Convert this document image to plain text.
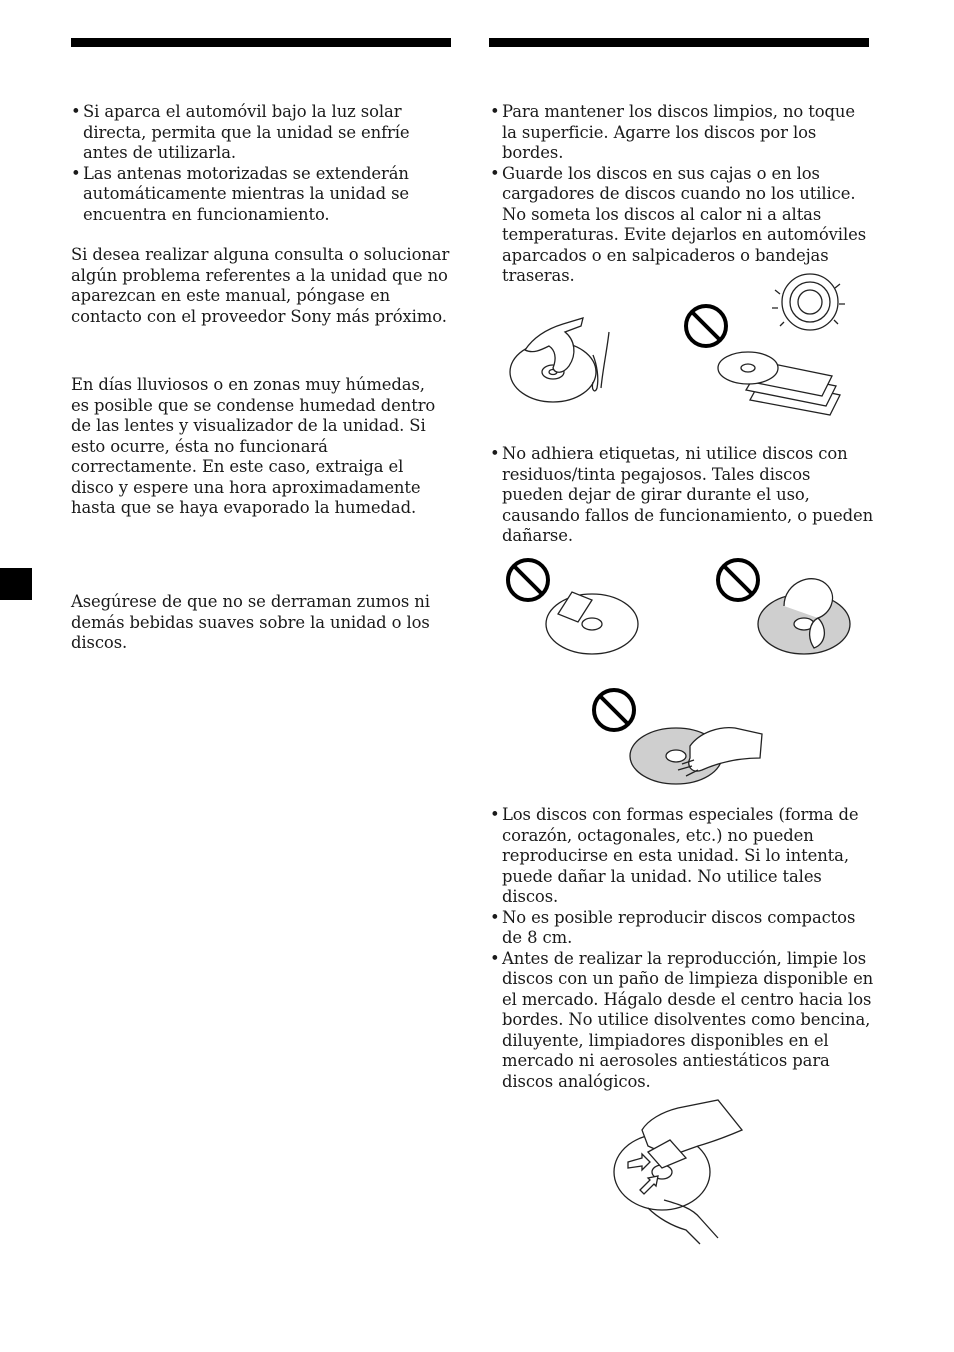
• Si aparca el automóvil bajo la luz solar directa, permita que la unidad se enfríe antes de utilizarla.
• Las antenas motorizadas se extenderán automáticamente mientras la unidad se encuentra en funcionamiento.

Si desea realizar alguna consulta o solucionar algún problema referentes a la unidad que no aparezcan en este manual, póngase en contacto con el proveedor Sony más próximo.

En días lluviosos o en zonas muy húmedas, es posible que se condense humedad dentro de las lentes y visualizador de la unidad. Si esto ocurre, ésta no funcionará correctamente. En este caso, extraiga el disco y espere una hora aproximadamente hasta que se haya evaporado la humedad.

Asegúrese de que no se derraman zumos ni demás bebidas suaves sobre la unidad o los discos.

• Para mantener los discos limpios, no toque la superficie. Agarre los discos por los bordes.
• Guarde los discos en sus cajas o en los cargadores de discos cuando no los utilice. No someta los discos al calor ni a altas temperaturas. Evite dejarlos en automóviles aparcados o en salpicaderos o bandejas traseras.
• No adhiera etiquetas, ni utilice discos con residuos/tinta pegajosos. Tales discos pueden dejar de girar durante el uso, causando fallos de funcionamiento, o pueden dañarse.
• Los discos con formas especiales (forma de corazón, octagonales, etc.) no pueden reproducirse en esta unidad. Si lo intenta, puede dañar la unidad. No utilice tales discos.
• No es posible reproducir discos compactos de 8 cm.
• Antes de realizar la reproducción, limpie los discos con un paño de limpieza disponible en el mercado. Hágalo desde el centro hacia los bordes. No utilice disolventes como bencina, diluyente, limpiadores disponibles en el mercado ni aerosoles antiestáticos para discos analógicos.
